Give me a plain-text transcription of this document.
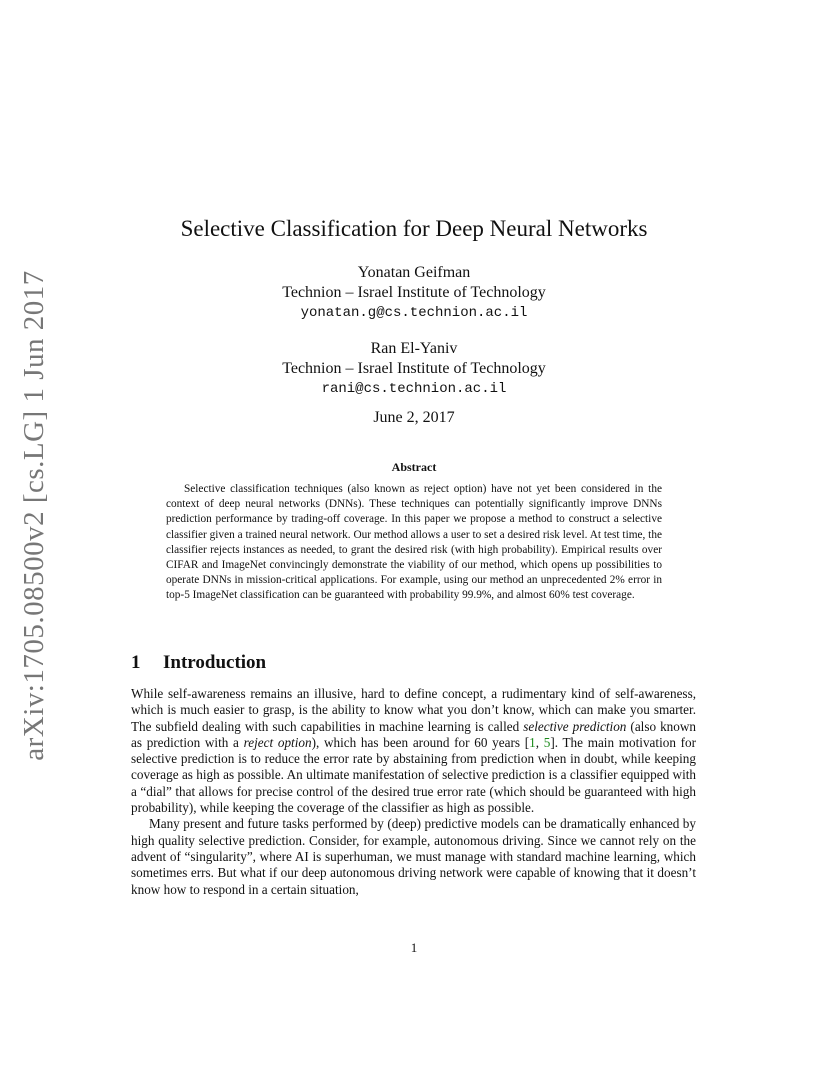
arXiv:1705.08500v2 [cs.LG] 1 Jun 2017
Selective Classification for Deep Neural Networks
Yonatan Geifman
Technion – Israel Institute of Technology
yonatan.g@cs.technion.ac.il
Ran El-Yaniv
Technion – Israel Institute of Technology
rani@cs.technion.ac.il
June 2, 2017
Abstract
Selective classification techniques (also known as reject option) have not yet been considered in the context of deep neural networks (DNNs). These techniques can potentially significantly improve DNNs prediction performance by trading-off coverage. In this paper we propose a method to construct a selective classifier given a trained neural network. Our method allows a user to set a desired risk level. At test time, the classifier rejects instances as needed, to grant the desired risk (with high probability). Empirical results over CIFAR and ImageNet convincingly demonstrate the viability of our method, which opens up possibilities to operate DNNs in mission-critical applications. For example, using our method an unprecedented 2% error in top-5 ImageNet classification can be guaranteed with probability 99.9%, and almost 60% test coverage.
1 Introduction

While self-awareness remains an illusive, hard to define concept, a rudimentary kind of self-awareness, which is much easier to grasp, is the ability to know what you don’t know, which can make you smarter. The subfield dealing with such capabilities in machine learning is called selective prediction (also known as prediction with a reject option), which has been around for 60 years [1, 5]. The main motivation for selective prediction is to reduce the error rate by abstaining from prediction when in doubt, while keeping coverage as high as possible. An ultimate manifestation of selective prediction is a classifier equipped with a “dial” that allows for precise control of the desired true error rate (which should be guaranteed with high probability), while keeping the coverage of the classifier as high as possible.

Many present and future tasks performed by (deep) predictive models can be dramatically enhanced by high quality selective prediction. Consider, for example, autonomous driving. Since we cannot rely on the advent of “singularity”, where AI is superhuman, we must manage with standard machine learning, which sometimes errs. But what if our deep autonomous driving network were capable of knowing that it doesn’t know how to respond in a certain situation,

1
